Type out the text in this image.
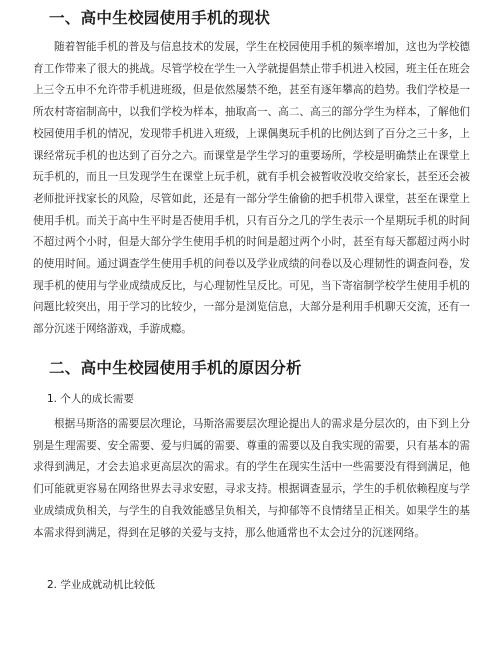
一、高中生校园使用手机的现状

随着智能手机的普及与信息技术的发展，学生在校园使用手机的频率增加，这也为学校德育工作带来了很大的挑战。尽管学校在学生一入学就提倡禁止带手机进入校园，班主任在班会上三令五申不允许带手机进班级，但是依然屡禁不绝，甚至有逐年攀高的趋势。我们学校是一所农村寄宿制高中，以我们学校为样本，抽取高一、高二、高三的部分学生为样本，了解他们校园使用手机的情况，发现带手机进入班级，上课偶奥玩手机的比例达到了百分之三十多，上课经常玩手机的也达到了百分之六。而课堂是学生学习的重要场所，学校是明确禁止在课堂上玩手机的，而且一旦发现学生在课堂上玩手机，就有手机会被暂收没收交给家长，甚至还会被老师批评找家长的风险，尽管如此，还是有一部分学生偷偷的把手机带入课堂，甚至在课堂上使用手机。而关于高中生平时是否使用手机，只有百分之几的学生表示一个星期玩手机的时间不超过两个小时，但是大部分学生使用手机的时间是超过两个小时，甚至有每天都超过两小时的使用时间。通过调查学生使用手机的问卷以及学业成绩的问卷以及心理韧性的调查问卷，发现手机的使用与学业成绩成反比，与心理韧性呈反比。可见，当下寄宿制学校学生使用手机的问题比较突出，用于学习的比较少，一部分是浏览信息，大部分是利用手机聊天交流，还有一部分沉迷于网络游戏，手游成瘾。

二、高中生校园使用手机的原因分析
1. 个人的成长需要

根据马斯洛的需要层次理论，马斯洛需要层次理论提出人的需求是分层次的，由下到上分别是生理需要、安全需要、爱与归属的需要、尊重的需要以及自我实现的需要，只有基本的需求得到满足，才会去追求更高层次的需求。有的学生在现实生活中一些需要没有得到满足，他们可能就更容易在网络世界去寻求安慰，寻求支持。根据调查显示，学生的手机依赖程度与学业成绩成负相关，与学生的自我效能感呈负相关，与抑郁等不良情绪呈正相关。如果学生的基本需求得到满足，得到在足够的关爱与支持，那么他通常也不太会过分的沉迷网络。

2. 学业成就动机比较低
